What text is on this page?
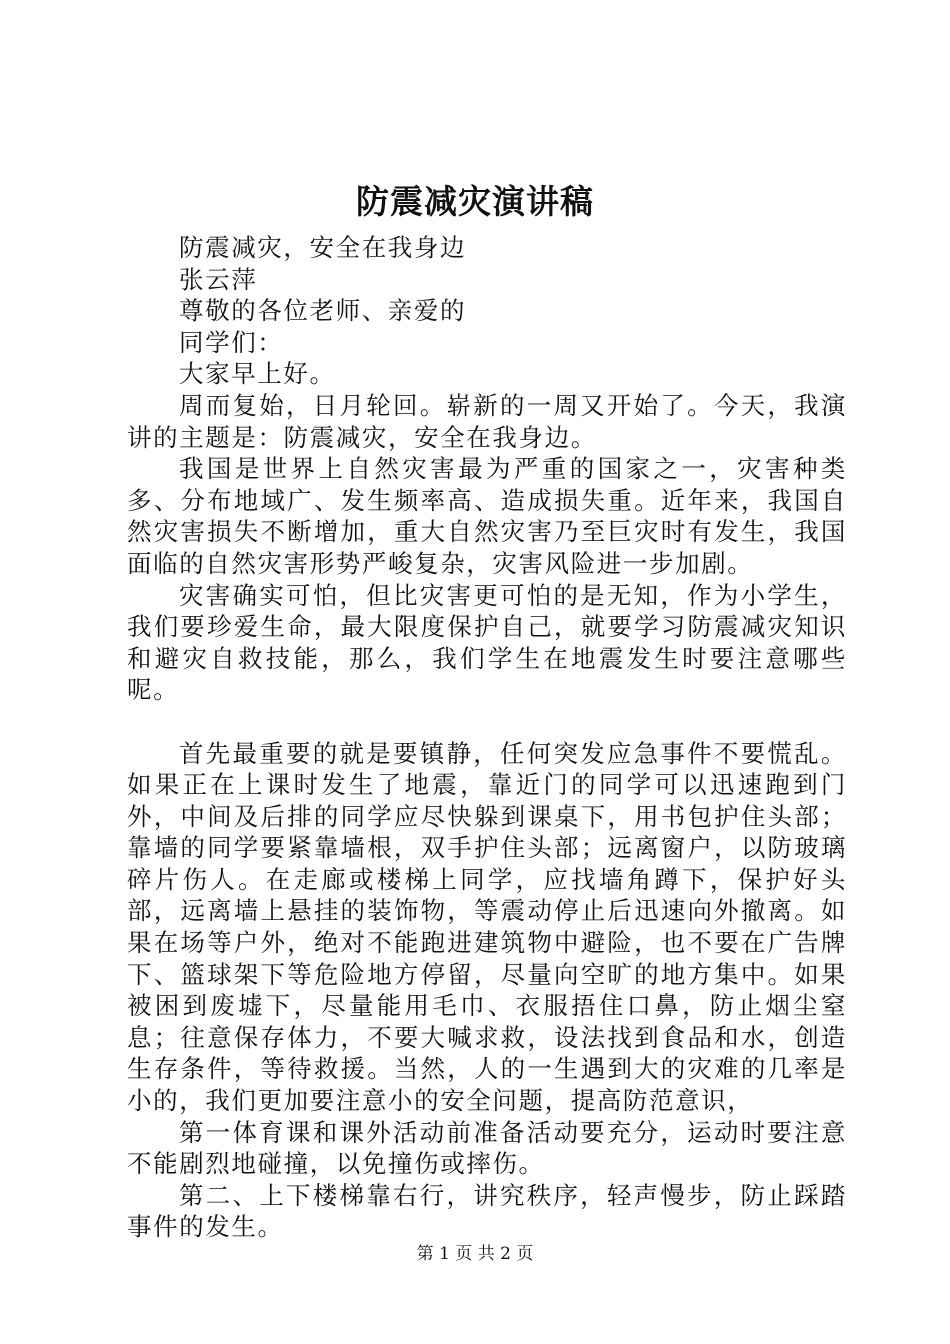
防震减灾演讲稿

防震减灾，安全在我身边

张云萍

尊敬的各位老师、亲爱的

同学们：

大家早上好。

周而复始，日月轮回。崭新的一周又开始了。今天，我演讲的主题是：防震减灾，安全在我身边。

我国是世界上自然灾害最为严重的国家之一，灾害种类多、分布地域广、发生频率高、造成损失重。近年来，我国自然灾害损失不断增加，重大自然灾害乃至巨灾时有发生，我国面临的自然灾害形势严峻复杂，灾害风险进一步加剧。

灾害确实可怕，但比灾害更可怕的是无知，作为小学生，我们要珍爱生命，最大限度保护自己，就要学习防震减灾知识和避灾自救技能，那么，我们学生在地震发生时要注意哪些呢。

首先最重要的就是要镇静，任何突发应急事件不要慌乱。如果正在上课时发生了地震，靠近门的同学可以迅速跑到门外，中间及后排的同学应尽快躲到课桌下，用书包护住头部；靠墙的同学要紧靠墙根，双手护住头部；远离窗户，以防玻璃碎片伤人。在走廊或楼梯上同学，应找墙角蹲下，保护好头部，远离墙上悬挂的装饰物，等震动停止后迅速向外撤离。如果在场等户外，绝对不能跑进建筑物中避险，也不要在广告牌下、篮球架下等危险地方停留，尽量向空旷的地方集中。如果被困到废墟下，尽量能用毛巾、衣服捂住口鼻，防止烟尘窒息；往意保存体力，不要大喊求救，设法找到食品和水，创造生存条件，等待救援。当然，人的一生遇到大的灾难的几率是小的，我们更加要注意小的安全问题，提高防范意识，

第一体育课和课外活动前准备活动要充分，运动时要注意不能剧烈地碰撞，以免撞伤或摔伤。

第二、上下楼梯靠右行，讲究秩序，轻声慢步，防止踩踏事件的发生。

第 1 页 共 2 页
